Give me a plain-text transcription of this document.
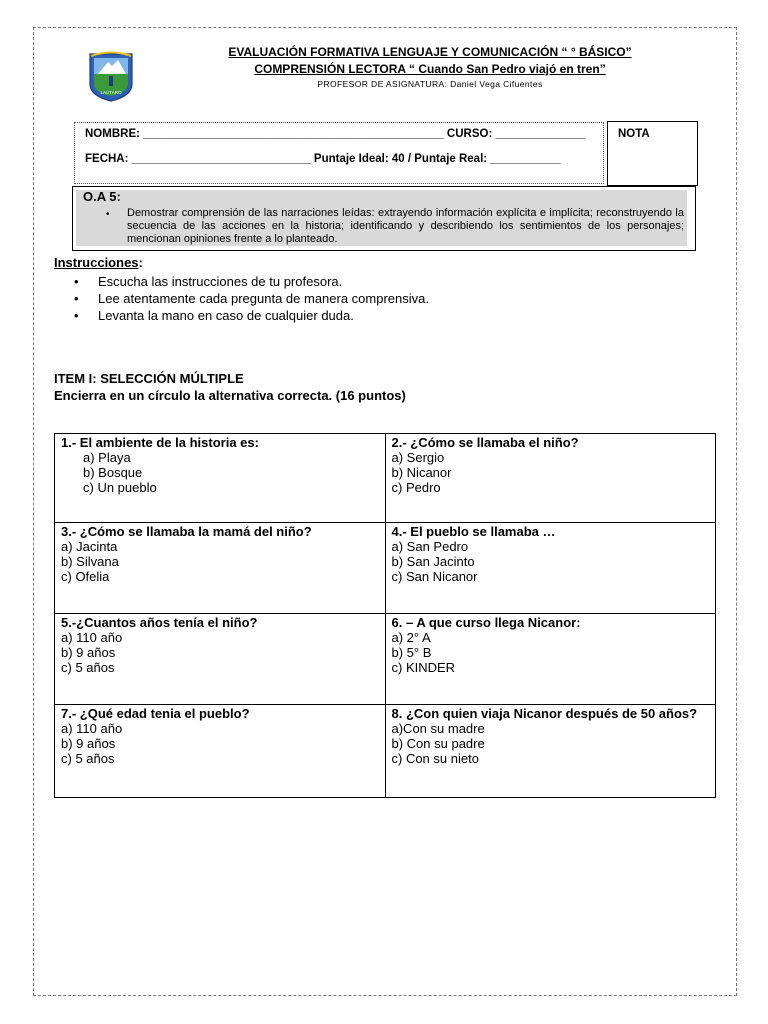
LAUTARO
EVALUACIÓN FORMATIVA LENGUAJE Y COMUNICACIÓN “ ° BÁSICO”
COMPRENSIÓN LECTORA “ Cuando San Pedro viajó en tren”
PROFESOR DE ASIGNATURA: Daniel Vega Cifuentes
NOMBRE: _______________________________________________ CURSO: ______________
FECHA: ____________________________ Puntaje Ideal: 40 / Puntaje Real: ___________
NOTA
O.A 5:
• Demostrar comprensión de las narraciones leídas: extrayendo información explícita e implícita; reconstruyendo la secuencia de las acciones en la historia; identificando y describiendo los sentimientos de los personajes; mencionan opiniones frente a lo planteado.
Instrucciones:
• Escucha las instrucciones de tu profesora.
• Lee atentamente cada pregunta de manera comprensiva.
• Levanta la mano en caso de cualquier duda.
ITEM I: SELECCIÓN MÚLTIPLE
Encierra en un círculo la alternativa correcta. (16 puntos)
1.- El ambiente de la historia es:
a) Playa
b) Bosque
c) Un pueblo	2.- ¿Cómo se llamaba el niño?
a) Sergio
b) Nicanor
c) Pedro

3.- ¿Cómo se llamaba la mamá del niño?
a) Jacinta
b) Silvana
c) Ofelia	4.- El pueblo se llamaba …
a) San Pedro
b) San Jacinto
c) San Nicanor

5.-¿Cuantos años tenía el niño?
a) 110 año
b) 9 años
c) 5 años	6. – A que curso llega Nicanor:
a) 2° A
b) 5° B
c) KINDER

7.- ¿Qué edad tenia el pueblo?
a) 110 año
b) 9 años
c) 5 años	8. ¿Con quien viaja Nicanor después de 50 años?
a)Con su madre
b) Con su padre
c) Con su nieto
